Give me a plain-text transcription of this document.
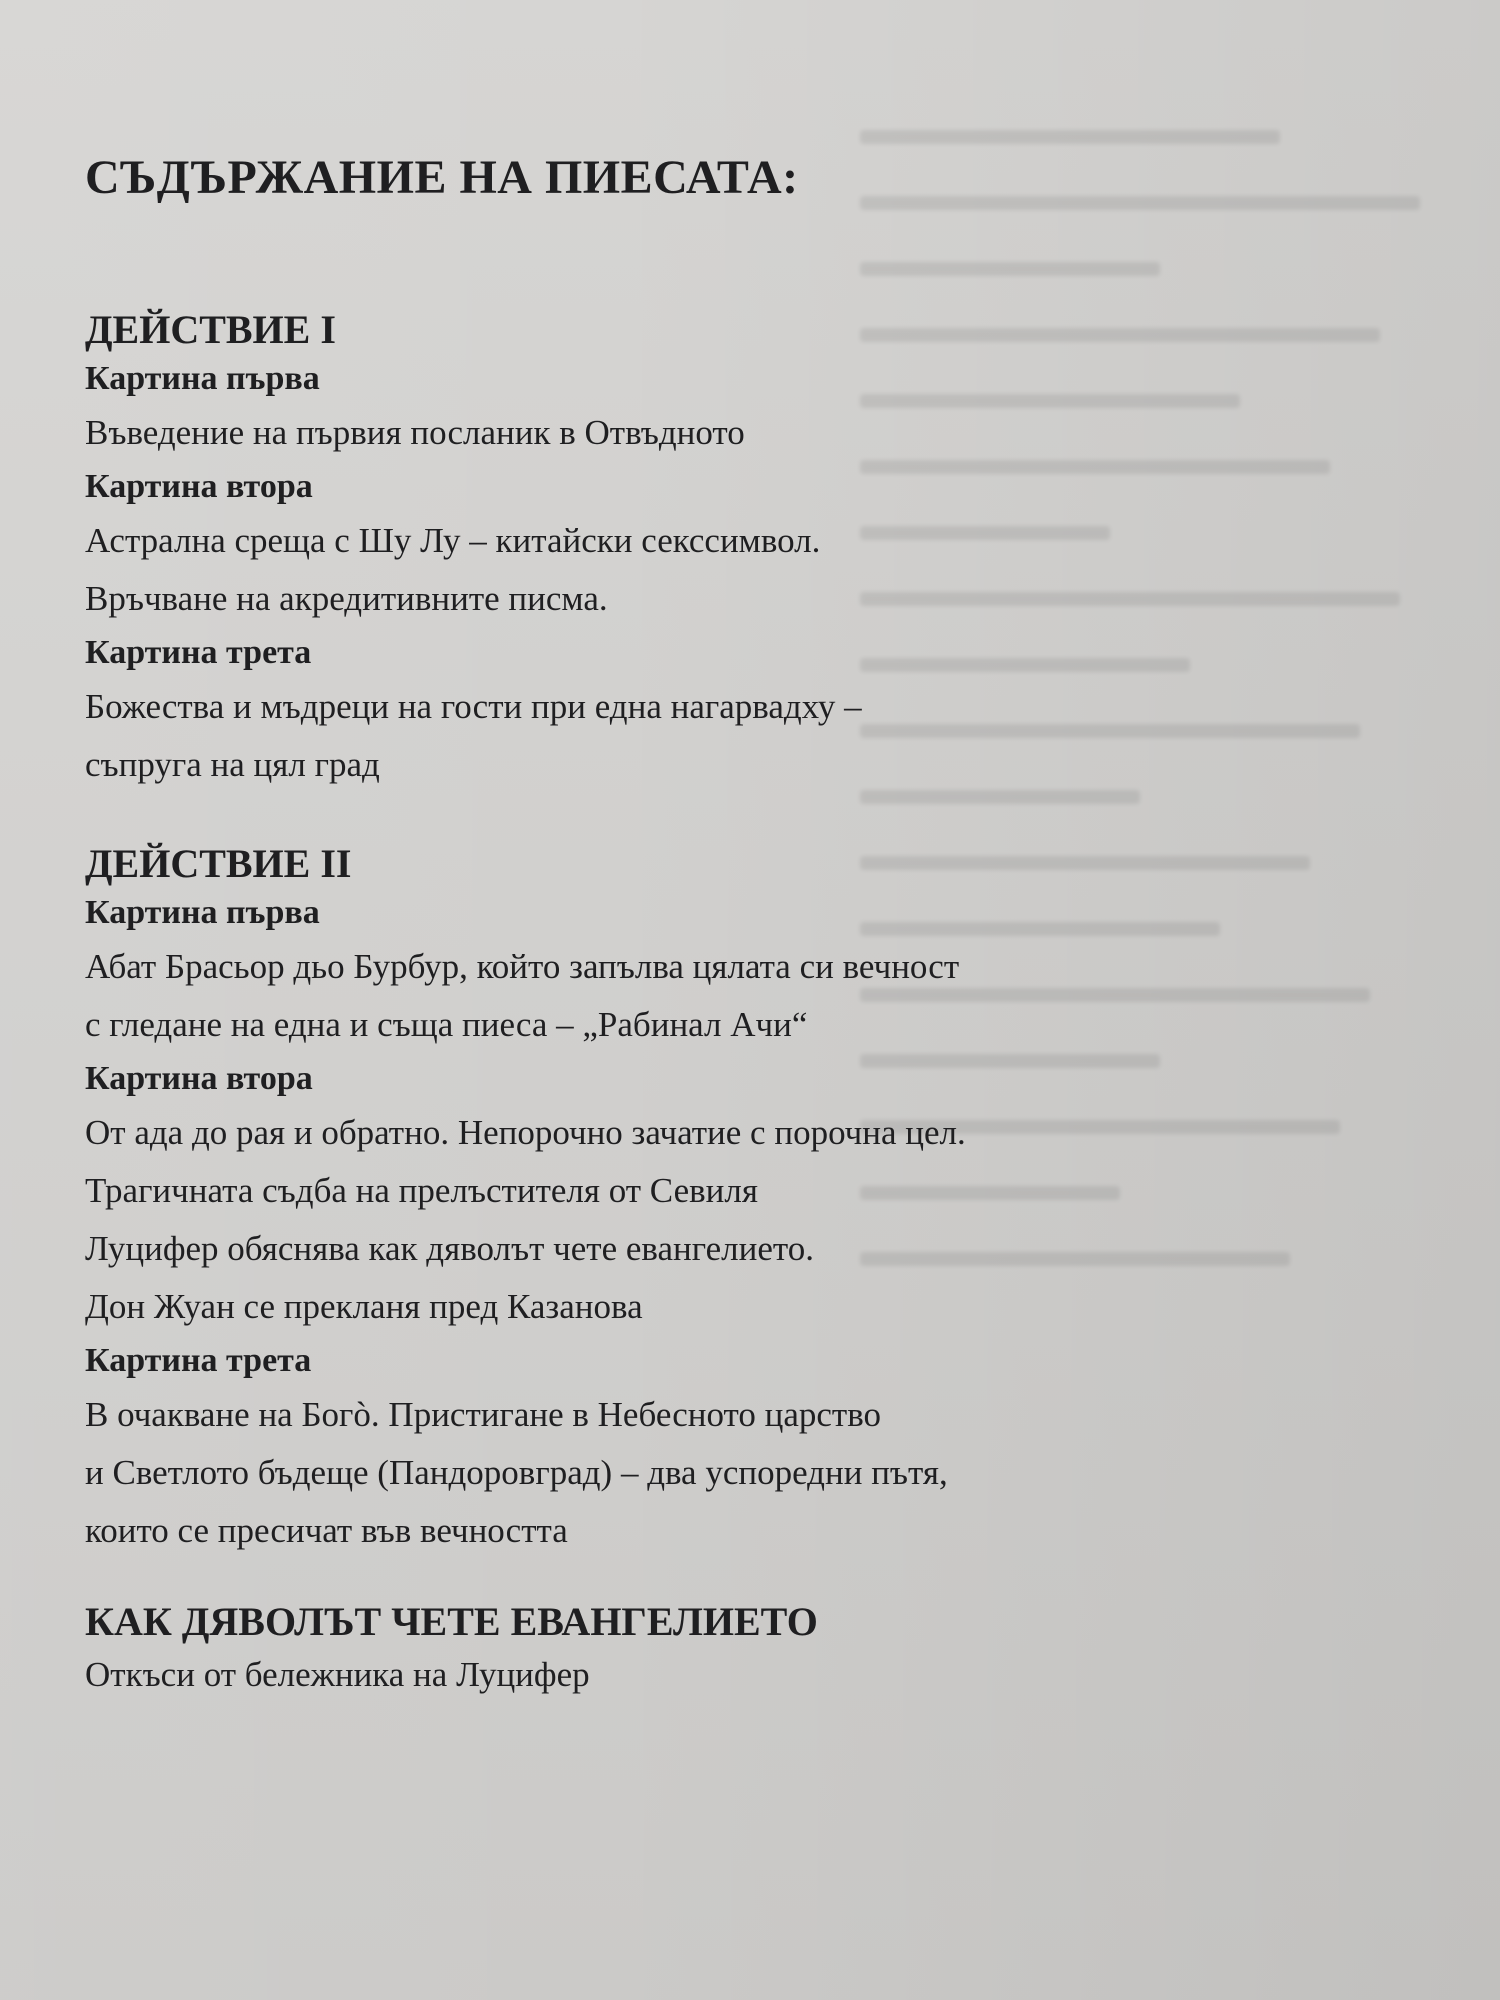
СЪДЪРЖАНИЕ НА ПИЕСАТА:

ДЕЙСТВИЕ I

Картина първа

Въведение на първия посланик в Отвъдното

Картина втора

Астрална среща с Шу Лу – китайски секссимвол.

Връчване на акредитивните писма.

Картина трета

Божества и мъдреци на гости при една нагарвадху –

съпруга на цял град

ДЕЙСТВИЕ II

Картина първа

Абат Брасьор дьо Бурбур, който запълва цялата си вечност

с гледане на една и съща пиеса – „Рабинал Ачи“

Картина втора

От ада до рая и обратно. Непорочно зачатие с порочна цел.

Трагичната съдба на прелъстителя от Севиля

Луцифер обяснява как дяволът чете евангелието.

Дон Жуан се прекланя пред Казанова

Картина трета

В очакване на Богò. Пристигане в Небесното царство

и Светлото бъдеще (Пандоровград) – два успоредни пътя,

които се пресичат във вечността

КАК ДЯВОЛЪТ ЧЕТЕ ЕВАНГЕЛИЕТО

Откъси от бележника на Луцифер
